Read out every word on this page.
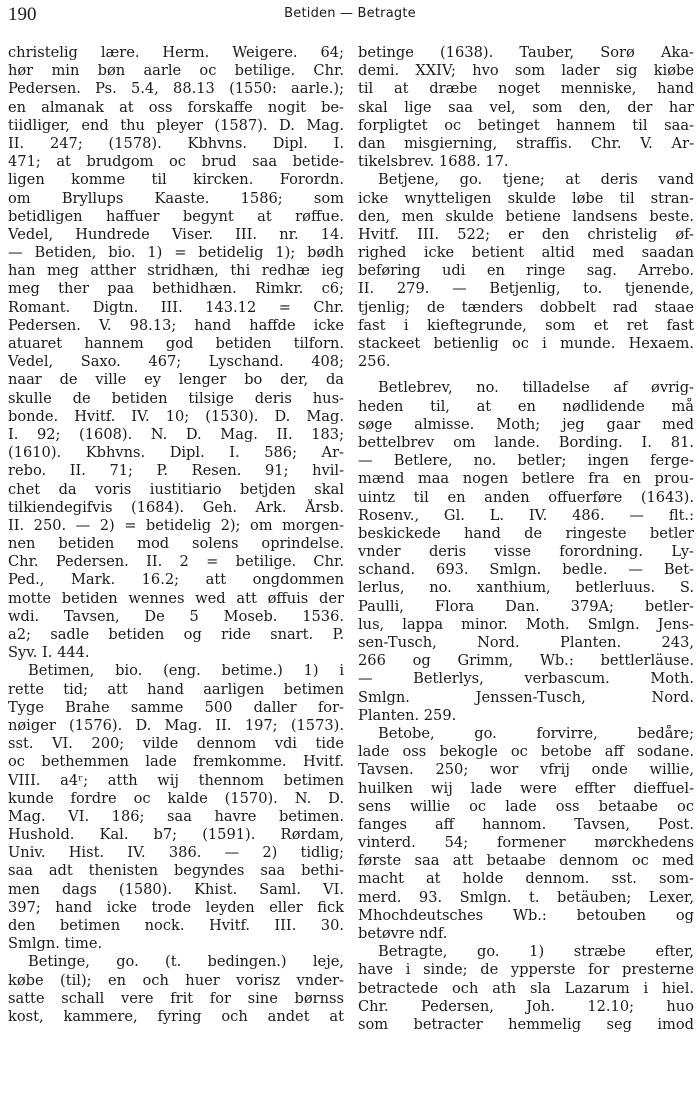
190	Betiden — Betragte
christelig lære. Herm. Weigere. 64;
hør min bøn aarle oc betilige. Chr.
Pedersen. Ps. 5.4, 88.13 (1550: aarle.);
en almanak at oss forskaffe nogit be-
tiidliger, end thu pleyer (1587). D. Mag.
II. 247; (1578). Kbhvns. Dipl. I.
471; at brudgom oc brud saa betide-
ligen komme til kircken. Forordn.
om Bryllups Kaaste. 1586; som
betidligen haffuer begynt at røffue.
Vedel, Hundrede Viser. III. nr. 14.
— Betiden, bio. 1) = betidelig 1); bødh
han meg atther stridhæn, thi redhæ ieg
meg ther paa bethidhæn. Rimkr. c6;
Romant. Digtn. III. 143.12 = Chr.
Pedersen. V. 98.13; hand haffde icke
atuaret hannem god betiden tilforn.
Vedel, Saxo. 467; Lyschand. 408;
naar de ville ey lenger bo der, da
skulle de betiden tilsige deris hus-
bonde. Hvitf. IV. 10; (1530). D. Mag.
I. 92; (1608). N. D. Mag. II. 183;
(1610). Kbhvns. Dipl. I. 586; Ar-
rebo. II. 71; P. Resen. 91; hvil-
chet da voris iustitiario betjden skal
tilkiendegifvis (1684). Geh. Ark. Årsb.
II. 250. — 2) = betidelig 2); om morgen-
nen betiden mod solens oprindelse.
Chr. Pedersen. II. 2 = betilige. Chr.
Ped., Mark. 16.2; att ongdommen
motte betiden wennes wed att øffuis der
wdi. Tavsen, De 5 Moseb. 1536.
a2; sadle betiden og ride snart. P.
Syv. I. 444.
Betimen, bio. (eng. betime.) 1) i
rette tid; att hand aarligen betimen
Tyge Brahe samme 500 daller for-
nøiger (1576). D. Mag. II. 197; (1573).
sst. VI. 200; vilde dennom vdi tide
oc bethemmen lade fremkomme. Hvitf.
VIII. a4ʳ; atth wij thennom betimen
kunde fordre oc kalde (1570). N. D.
Mag. VI. 186; saa havre betimen.
Hushold. Kal. b7; (1591). Rørdam,
Univ. Hist. IV. 386. — 2) tidlig;
saa adt thenisten begyndes saa bethi-
men dags (1580). Khist. Saml. VI.
397; hand icke trode leyden eller fick
den betimen nock. Hvitf. III. 30.
Smlgn. time.
Betinge, go. (t. bedingen.) leje,
købe (til); en och huer vorisz vnder-
satte schall vere frit for sine børnss
kost, kammere, fyring och andet at
betinge (1638). Tauber, Sorø Aka-
demi. XXIV; hvo som lader sig kiøbe
til at dræbe noget menniske, hand
skal lige saa vel, som den, der har
forpligtet oc betinget hannem til saa-
dan misgierning, straffis. Chr. V. Ar-
tikelsbrev. 1688. 17.
Betjene, go. tjene; at deris vand
icke wnytteligen skulde løbe til stran-
den, men skulde betiene landsens beste.
Hvitf. III. 522; er den christelig øf-
righed icke betient altid med saadan
beføring udi en ringe sag. Arrebo.
II. 279. — Betjenlig, to. tjenende,
tjenlig; de tænders dobbelt rad staae
fast i kieftegrunde, som et ret fast
stackeet betienlig oc i munde. Hexaem.
256.
Betlebrev, no. tilladelse af øvrig-
heden til, at en nødlidende må
søge almisse. Moth; jeg gaar med
bettelbrev om lande. Bording. I. 81.
— Betlere, no. betler; ingen ferge-
mænd maa nogen betlere fra en prou-
uintz til en anden offuerføre (1643).
Rosenv., Gl. L. IV. 486. — flt.:
beskickede hand de ringeste betler
vnder deris visse forordning. Ly-
schand. 693. Smlgn. bedle. — Bet-
lerlus, no. xanthium, betlerluus. S.
Paulli, Flora Dan. 379A; betler-
lus, lappa minor. Moth. Smlgn. Jens-
sen-Tusch, Nord. Planten. 243,
266 og Grimm, Wb.: bettlerläuse.
— Betlerlys, verbascum. Moth.
Smlgn. Jenssen-Tusch, Nord.
Planten. 259.
Betobe, go. forvirre, bedåre;
lade oss bekogle oc betobe aff sodane.
Tavsen. 250; wor vfrij onde willie,
huilken wij lade were effter dieffuel-
sens willie oc lade oss betaabe oc
fanges aff hannom. Tavsen, Post.
vinterd. 54; formener mørckhedens
første saa att betaabe dennom oc med
macht at holde dennom. sst. som-
merd. 93. Smlgn. t. betäuben; Lexer,
Mhochdeutsches Wb.: betouben og
betøvre ndf.
Betragte, go. 1) stræbe efter,
have i sinde; de ypperste for presterne
betractede och ath sla Lazarum i hiel.
Chr. Pedersen, Joh. 12.10; huo
som betracter hemmelig seg imod
